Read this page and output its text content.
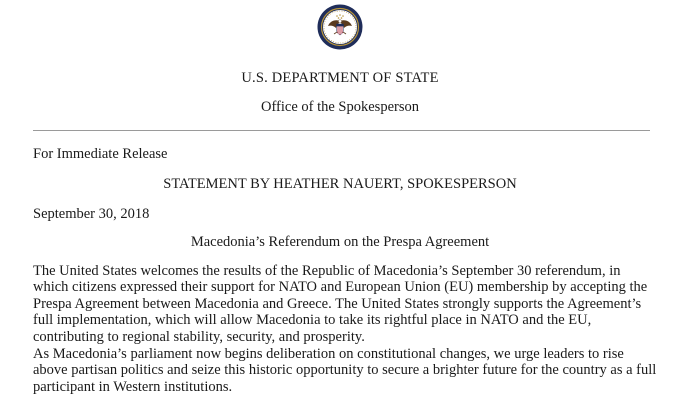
U.S. DEPARTMENT OF STATE
Office of the Spokesperson
For Immediate Release
STATEMENT BY HEATHER NAUERT, SPOKESPERSON
September 30, 2018
Macedonia’s Referendum on the Prespa Agreement

The United States welcomes the results of the Republic of Macedonia’s September 30 referendum, in which citizens expressed their support for NATO and European Union (EU) membership by accepting the Prespa Agreement between Macedonia and Greece. The United States strongly supports the Agreement’s full implementation, which will allow Macedonia to take its rightful place in NATO and the EU, contributing to regional stability, security, and prosperity.

As Macedonia’s parliament now begins deliberation on constitutional changes, we urge leaders to rise above partisan politics and seize this historic opportunity to secure a brighter future for the country as a full participant in Western institutions.
